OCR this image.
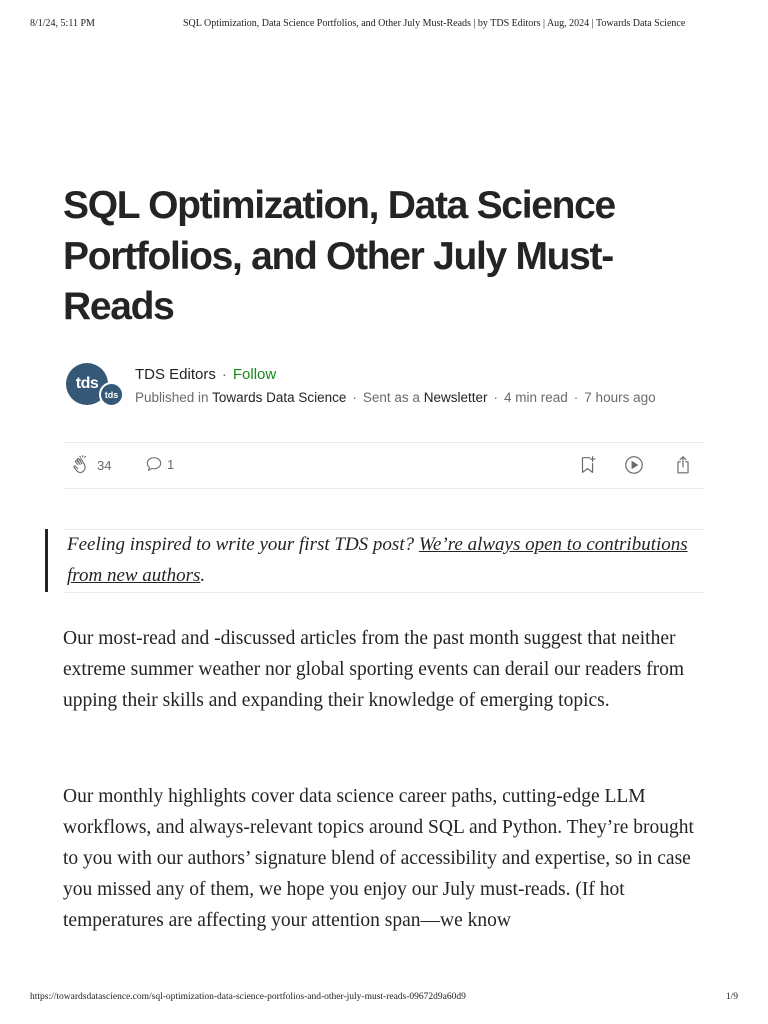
8/1/24, 5:11 PM	SQL Optimization, Data Science Portfolios, and Other July Must-Reads | by TDS Editors | Aug, 2024 | Towards Data Science
SQL Optimization, Data Science Portfolios, and Other July Must-Reads
tds
tds
TDS Editors · Follow
Published in Towards Data Science · Sent as a Newsletter · 4 min read · 7 hours ago
34	1

Feeling inspired to write your first TDS post? We’re always open to contributions from new authors.

Our most-read and -discussed articles from the past month suggest that neither extreme summer weather nor global sporting events can derail our readers from upping their skills and expanding their knowledge of emerging topics.

Our monthly highlights cover data science career paths, cutting-edge LLM workflows, and always-relevant topics around SQL and Python. They’re brought to you with our authors’ signature blend of accessibility and expertise, so in case you missed any of them, we hope you enjoy our July must-reads. (If hot temperatures are affecting your attention span—we know

https://towardsdatascience.com/sql-optimization-data-science-portfolios-and-other-july-must-reads-09672d9a60d9	1/9
